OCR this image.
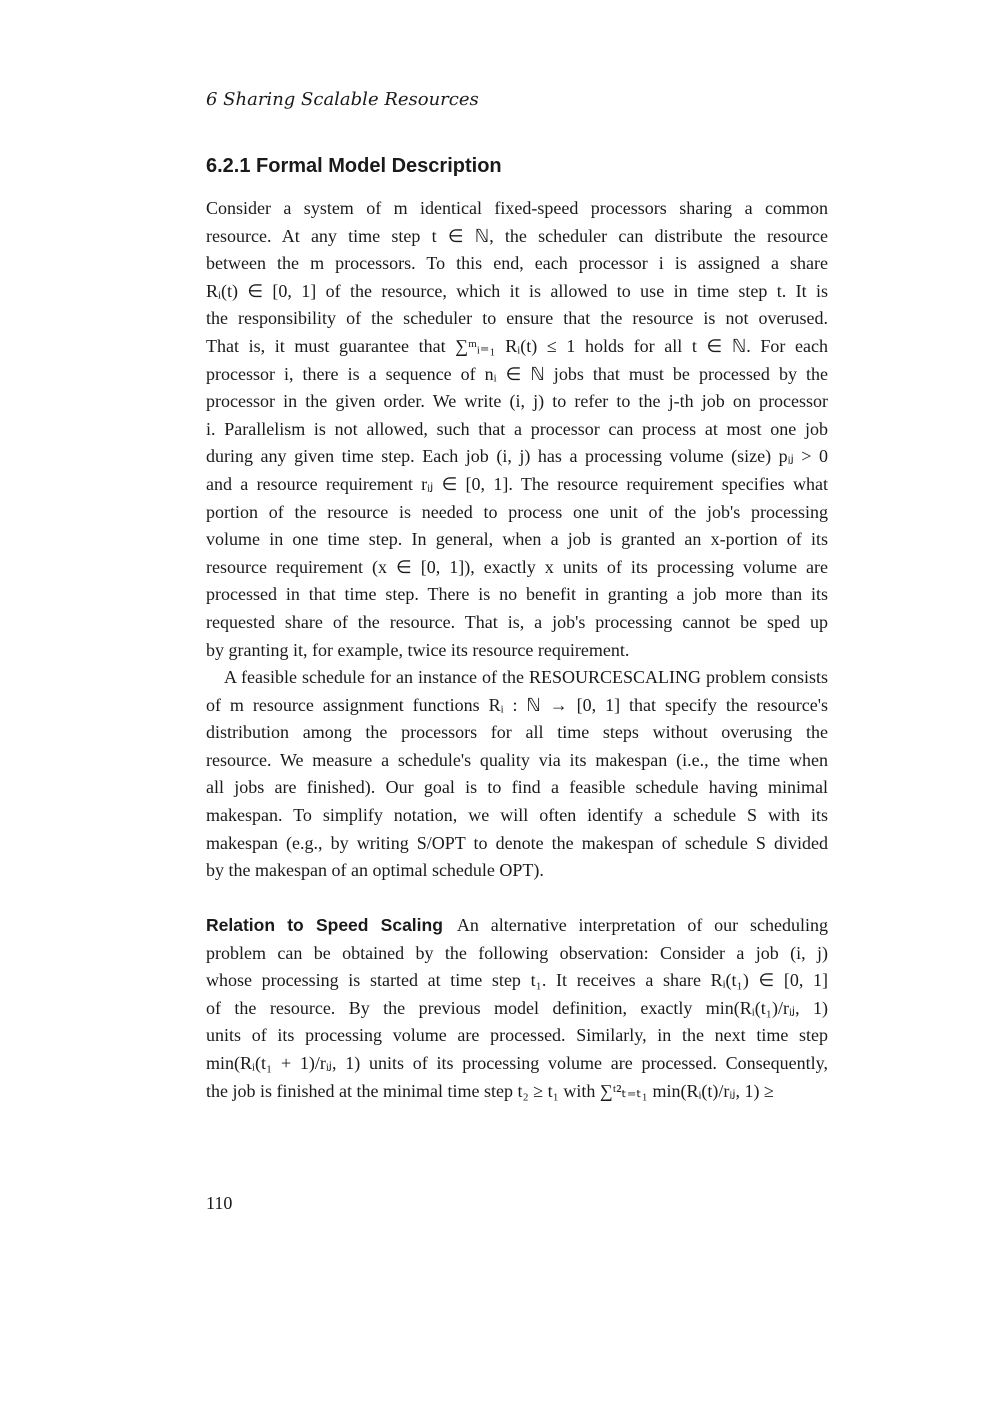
6 Sharing Scalable Resources
6.2.1 Formal Model Description

Consider a system of m identical fixed-speed processors sharing a common
resource. At any time step t ∈ ℕ, the scheduler can distribute the resource
between the m processors. To this end, each processor i is assigned a share
Rᵢ(t) ∈ [0, 1] of the resource, which it is allowed to use in time step t. It is
the responsibility of the scheduler to ensure that the resource is not overused.
That is, it must guarantee that ∑ᵐᵢ₌₁ Rᵢ(t) ≤ 1 holds for all t ∈ ℕ. For each
processor i, there is a sequence of nᵢ ∈ ℕ jobs that must be processed by the
processor in the given order. We write (i, j) to refer to the j-th job on processor
i. Parallelism is not allowed, such that a processor can process at most one job
during any given time step. Each job (i, j) has a processing volume (size) pᵢⱼ > 0
and a resource requirement rᵢⱼ ∈ [0, 1]. The resource requirement specifies what
portion of the resource is needed to process one unit of the job's processing
volume in one time step. In general, when a job is granted an x-portion of its
resource requirement (x ∈ [0, 1]), exactly x units of its processing volume are
processed in that time step. There is no benefit in granting a job more than its
requested share of the resource. That is, a job's processing cannot be sped up
by granting it, for example, twice its resource requirement.

A feasible schedule for an instance of the RESOURCESCALING problem consists
of m resource assignment functions Rᵢ : ℕ → [0, 1] that specify the resource's
distribution among the processors for all time steps without overusing the
resource. We measure a schedule's quality via its makespan (i.e., the time when
all jobs are finished). Our goal is to find a feasible schedule having minimal
makespan. To simplify notation, we will often identify a schedule S with its
makespan (e.g., by writing S/OPT to denote the makespan of schedule S divided
by the makespan of an optimal schedule OPT).

Relation to Speed Scaling An alternative interpretation of our scheduling
problem can be obtained by the following observation: Consider a job (i, j)
whose processing is started at time step t₁. It receives a share Rᵢ(t₁) ∈ [0, 1]
of the resource. By the previous model definition, exactly min(Rᵢ(t₁)/rᵢⱼ, 1)
units of its processing volume are processed. Similarly, in the next time step
min(Rᵢ(t₁ + 1)/rᵢⱼ, 1) units of its processing volume are processed. Consequently,
the job is finished at the minimal time step t₂ ≥ t₁ with ∑ᵗ²ₜ₌ₜ₁ min(Rᵢ(t)/rᵢⱼ, 1) ≥

110
